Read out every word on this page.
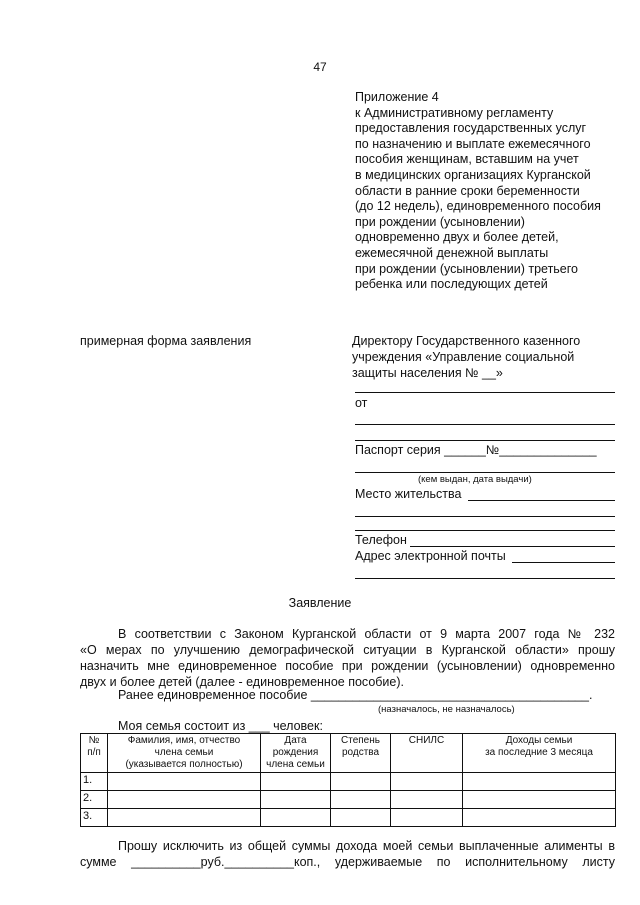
47
Приложение 4
к Административному регламенту
предоставления государственных услуг
по назначению и выплате ежемесячного
пособия женщинам, вставшим на учет
в медицинских организациях Курганской
области в ранние сроки беременности
(до 12 недель), единовременного пособия
при рождении (усыновлении)
одновременно двух и более детей,
ежемесячной денежной выплаты
при рождении (усыновлении) третьего
ребенка или последующих детей
примерная форма заявления	Директору Государственного казенного
учреждения «Управление социальной
защиты населения № __»
от
Паспорт серия ______№______________
(кем выдан, дата выдачи)
Место жительства
Телефон
Адрес электронной почты
Заявление
В соответствии с Законом Курганской области от 9 марта 2007 года № 232
«О мерах по улучшению демографической ситуации в Курганской области» прошу
назначить мне единовременное пособие при рождении (усыновлении) одновременно
двух и более детей (далее - единовременное пособие).
Ранее единовременное пособие ________________________________________.
(назначалось, не назначалось)
Моя семья состоит из ___ человек:
№
п/п	Фамилия, имя, отчество
члена семьи
(указывается полностью)	Дата
рождения
члена семьи	Степень
родства	СНИЛС	Доходы семьи
за последние 3 месяца
1.					
2.					
3.					
Прошу исключить из общей суммы дохода моей семьи выплаченные алименты в
сумме __________руб.__________коп., удерживаемые по исполнительному листу
